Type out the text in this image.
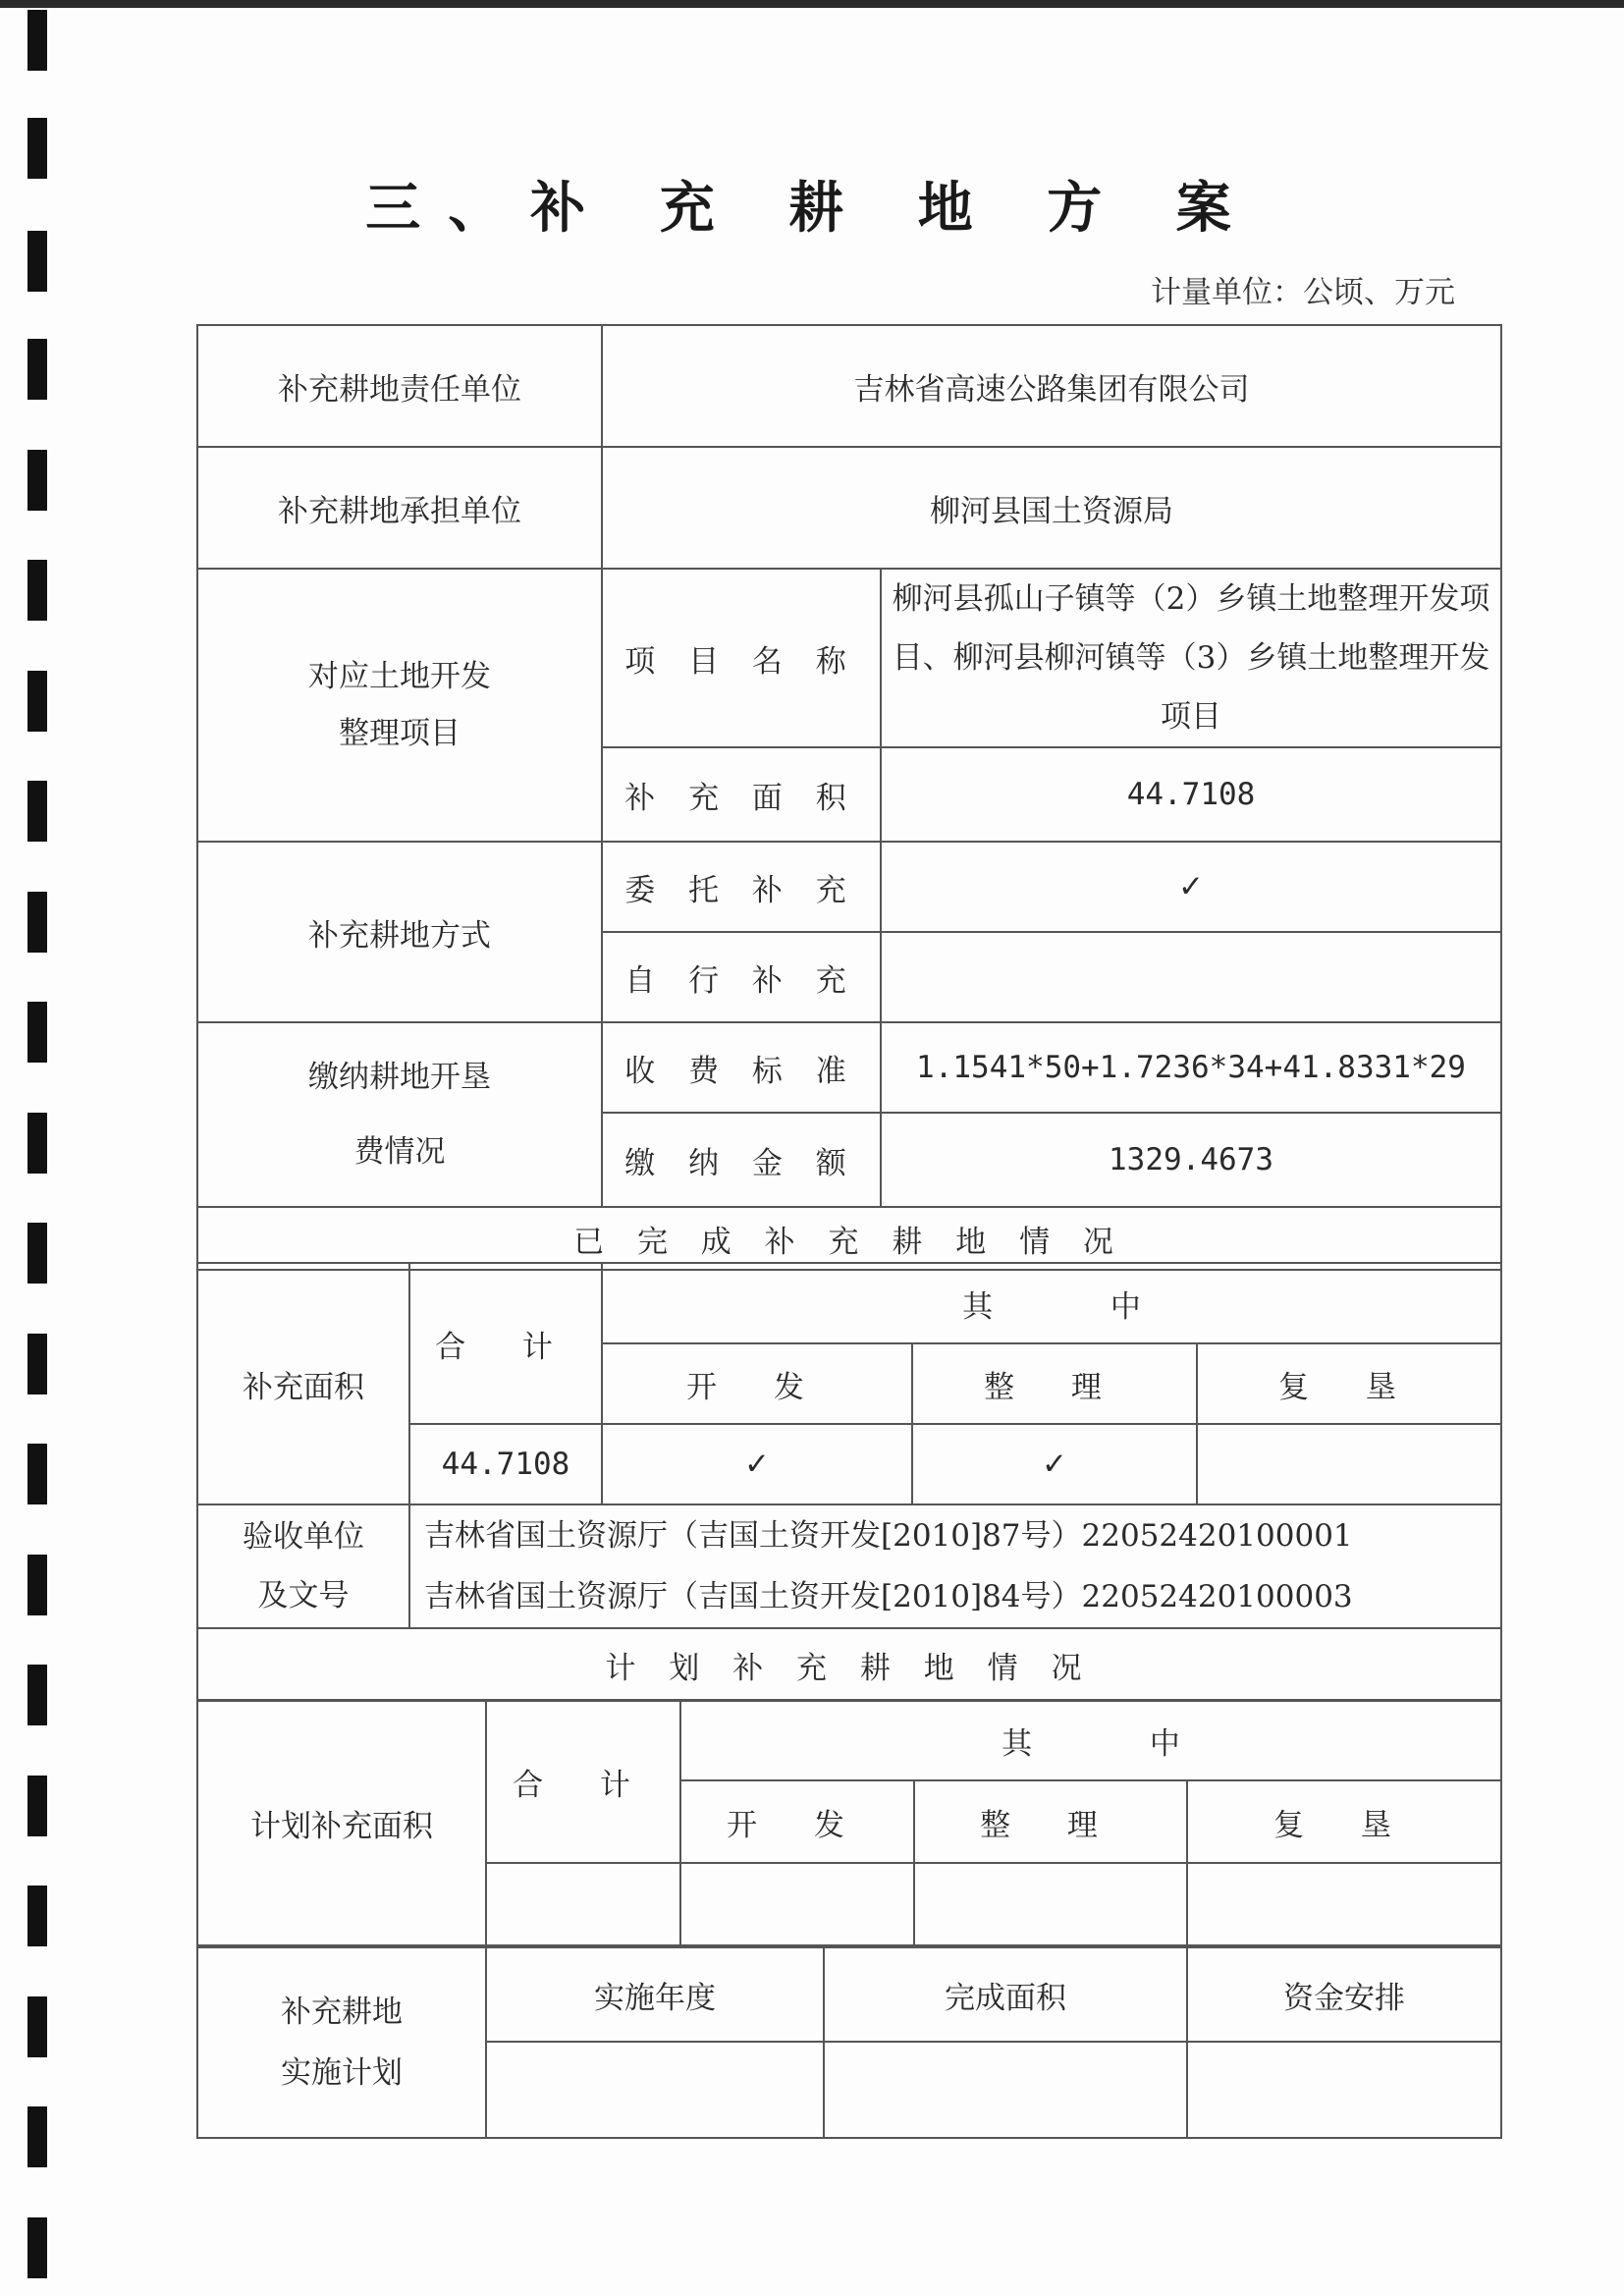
三、补 充 耕 地 方 案
计量单位：公顷、万元
补充耕地责任单位	吉林省高速公路集团有限公司	
补充耕地承担单位	柳河县国土资源局	
对应土地开发整理项目	项 目 名 称	柳河县孤山子镇等（2）乡镇土地整理开发项目、柳河县柳河镇等（3）乡镇土地整理开发项目
	补 充 面 积	44.7108
补充耕地方式	委 托 补 充	✓
	自 行 补 充	
缴纳耕地开垦费情况	收 费 标 准	1.1541*50+1.7236*34+41.8331*29
	缴 纳 金 额	1329.4673
已 完 成 补 充 耕 地 情 况		
补充面积	合 计	其 中		
		开 发	整 理	复 垦
	44.7108	✓	✓	
验收单位及文号	吉林省国土资源厅（吉国土资开发[2010]87号）22052420100001
吉林省国土资源厅（吉国土资开发[2010]84号）22052420100003			

计 划 补 充 耕 地 情 况				
计划补充面积	合 计	其 中		
		开 发	整 理	复 垦

补充耕地实施计划	实施年度	完成面积	资金安排
